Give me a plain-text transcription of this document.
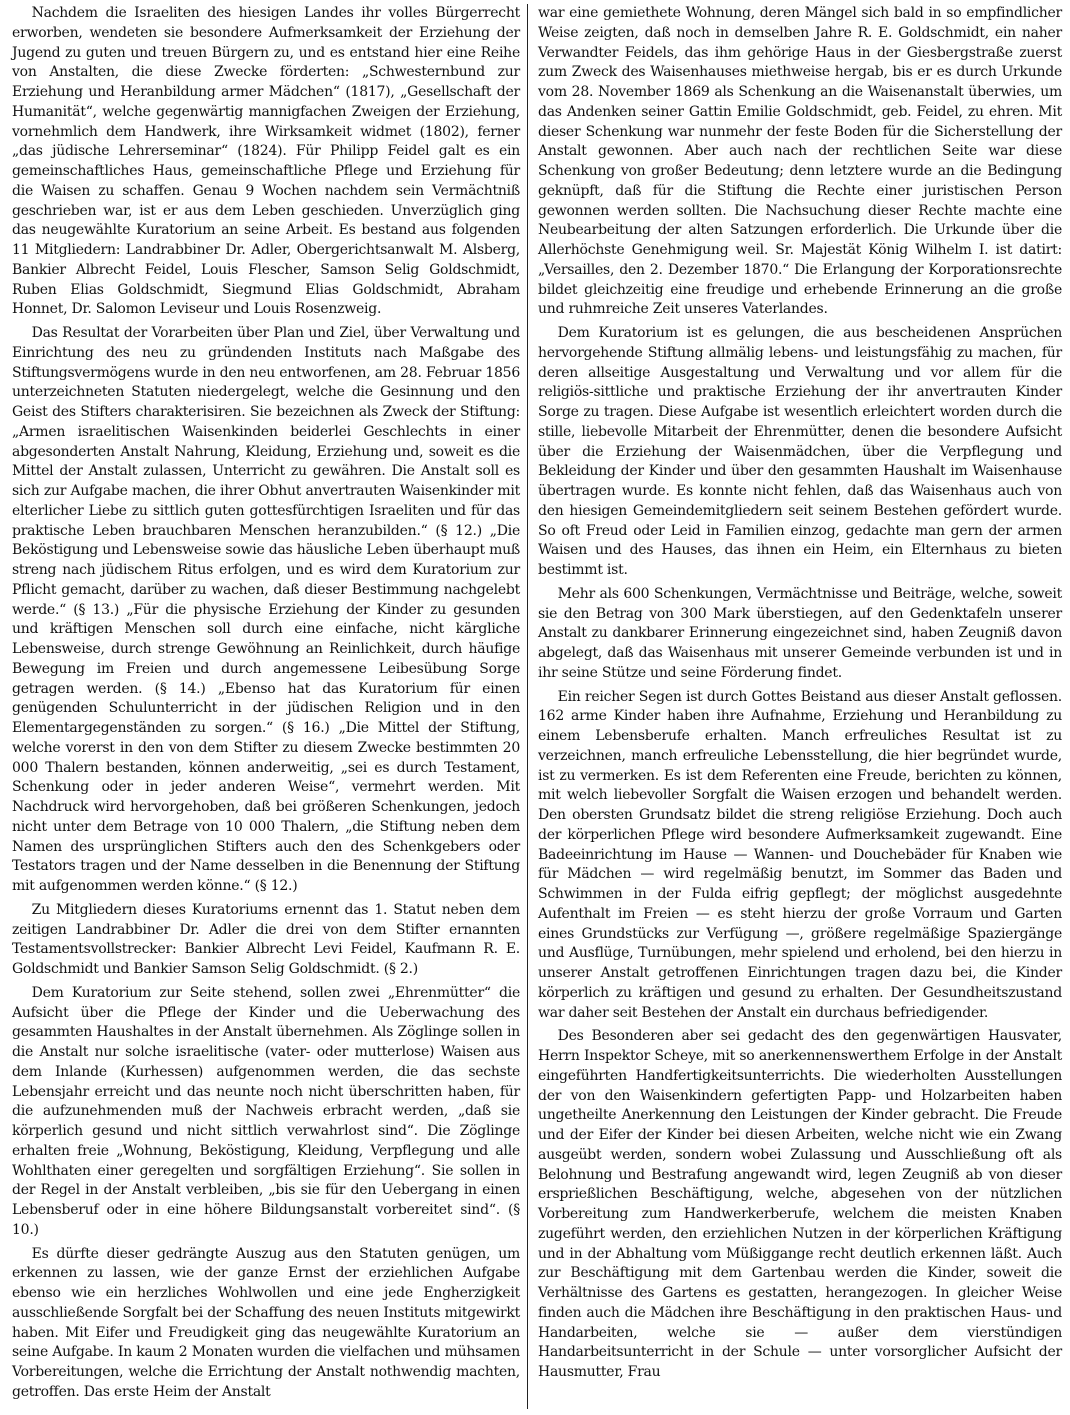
Nachdem die Israeliten des hiesigen Landes ihr volles Bürgerrecht erworben, wendeten sie besondere Aufmerksamkeit der Erziehung der Jugend zu guten und treuen Bürgern zu, und es entstand hier eine Reihe von Anstalten, die diese Zwecke förderten: „Schwesternbund zur Erziehung und Heranbildung armer Mädchen“ (1817), „Gesellschaft der Humanität“, welche gegenwärtig mannigfachen Zweigen der Erziehung, vornehmlich dem Handwerk, ihre Wirksamkeit widmet (1802), ferner „das jüdische Lehrerseminar“ (1824). Für Philipp Feidel galt es ein gemeinschaftliches Haus, gemeinschaftliche Pflege und Erziehung für die Waisen zu schaffen. Genau 9 Wochen nachdem sein Vermächtniß geschrieben war, ist er aus dem Leben geschieden. Unverzüglich ging das neugewählte Kuratorium an seine Arbeit. Es bestand aus folgenden 11 Mitgliedern: Landrabbiner Dr. Adler, Obergerichtsanwalt M. Alsberg, Bankier Albrecht Feidel, Louis Flescher, Samson Selig Goldschmidt, Ruben Elias Goldschmidt, Siegmund Elias Goldschmidt, Abraham Honnet, Dr. Salomon Leviseur und Louis Rosenzweig.

Das Resultat der Vorarbeiten über Plan und Ziel, über Verwaltung und Einrichtung des neu zu gründenden Instituts nach Maßgabe des Stiftungsvermögens wurde in den neu entworfenen, am 28. Februar 1856 unterzeichneten Statuten niedergelegt, welche die Gesinnung und den Geist des Stifters charakterisiren. Sie bezeichnen als Zweck der Stiftung: „Armen israelitischen Waisenkinden beiderlei Geschlechts in einer abgesonderten Anstalt Nahrung, Kleidung, Erziehung und, soweit es die Mittel der Anstalt zulassen, Unterricht zu gewähren. Die Anstalt soll es sich zur Aufgabe machen, die ihrer Obhut anvertrauten Waisenkinder mit elterlicher Liebe zu sittlich guten gottesfürchtigen Israeliten und für das praktische Leben brauchbaren Menschen heranzubilden.“ (§ 12.) „Die Beköstigung und Lebensweise sowie das häusliche Leben überhaupt muß streng nach jüdischem Ritus erfolgen, und es wird dem Kuratorium zur Pflicht gemacht, darüber zu wachen, daß dieser Bestimmung nachgelebt werde.“ (§ 13.) „Für die physische Erziehung der Kinder zu gesunden und kräftigen Menschen soll durch eine einfache, nicht kärgliche Lebensweise, durch strenge Gewöhnung an Reinlichkeit, durch häufige Bewegung im Freien und durch angemessene Leibesübung Sorge getragen werden. (§ 14.) „Ebenso hat das Kuratorium für einen genügenden Schulunterricht in der jüdischen Religion und in den Elementargegenständen zu sorgen.“ (§ 16.) „Die Mittel der Stiftung, welche vorerst in den von dem Stifter zu diesem Zwecke bestimmten 20 000 Thalern bestanden, können anderweitig, „sei es durch Testament, Schenkung oder in jeder anderen Weise“, vermehrt werden. Mit Nachdruck wird hervorgehoben, daß bei größeren Schenkungen, jedoch nicht unter dem Betrage von 10 000 Thalern, „die Stiftung neben dem Namen des ursprünglichen Stifters auch den des Schenkgebers oder Testators tragen und der Name desselben in die Benennung der Stiftung mit aufgenommen werden könne.“ (§ 12.)

Zu Mitgliedern dieses Kuratoriums ernennt das 1. Statut neben dem zeitigen Landrabbiner Dr. Adler die drei von dem Stifter ernannten Testamentsvollstrecker: Bankier Albrecht Levi Feidel, Kaufmann R. E. Goldschmidt und Bankier Samson Selig Goldschmidt. (§ 2.)

Dem Kuratorium zur Seite stehend, sollen zwei „Ehrenmütter“ die Aufsicht über die Pflege der Kinder und die Ueberwachung des gesammten Haushaltes in der Anstalt übernehmen. Als Zöglinge sollen in die Anstalt nur solche israelitische (vater- oder mutterlose) Waisen aus dem Inlande (Kurhessen) aufgenommen werden, die das sechste Lebensjahr erreicht und das neunte noch nicht überschritten haben, für die aufzunehmenden muß der Nachweis erbracht werden, „daß sie körperlich gesund und nicht sittlich verwahrlost sind“. Die Zöglinge erhalten freie „Wohnung, Beköstigung, Kleidung, Verpflegung und alle Wohlthaten einer geregelten und sorgfältigen Erziehung“. Sie sollen in der Regel in der Anstalt verbleiben, „bis sie für den Uebergang in einen Lebensberuf oder in eine höhere Bildungsanstalt vorbereitet sind“. (§ 10.)

Es dürfte dieser gedrängte Auszug aus den Statuten genügen, um erkennen zu lassen, wie der ganze Ernst der erziehlichen Aufgabe ebenso wie ein herzliches Wohlwollen und eine jede Engherzigkeit ausschließende Sorgfalt bei der Schaffung des neuen Instituts mitgewirkt haben. Mit Eifer und Freudigkeit ging das neugewählte Kuratorium an seine Aufgabe. In kaum 2 Monaten wurden die vielfachen und mühsamen Vorbereitungen, welche die Errichtung der Anstalt nothwendig machten, getroffen. Das erste Heim der Anstalt

war eine gemiethete Wohnung, deren Mängel sich bald in so empfindlicher Weise zeigten, daß noch in demselben Jahre R. E. Goldschmidt, ein naher Verwandter Feidels, das ihm gehörige Haus in der Giesbergstraße zuerst zum Zweck des Waisenhauses miethweise hergab, bis er es durch Urkunde vom 28. November 1869 als Schenkung an die Waisenanstalt überwies, um das Andenken seiner Gattin Emilie Goldschmidt, geb. Feidel, zu ehren. Mit dieser Schenkung war nunmehr der feste Boden für die Sicherstellung der Anstalt gewonnen. Aber auch nach der rechtlichen Seite war diese Schenkung von großer Bedeutung; denn letztere wurde an die Bedingung geknüpft, daß für die Stiftung die Rechte einer juristischen Person gewonnen werden sollten. Die Nachsuchung dieser Rechte machte eine Neubearbeitung der alten Satzungen erforderlich. Die Urkunde über die Allerhöchste Genehmigung weil. Sr. Majestät König Wilhelm I. ist datirt: „Versailles, den 2. Dezember 1870.“ Die Erlangung der Korporationsrechte bildet gleichzeitig eine freudige und erhebende Erinnerung an die große und ruhmreiche Zeit unseres Vaterlandes.

Dem Kuratorium ist es gelungen, die aus bescheidenen Ansprüchen hervorgehende Stiftung allmälig lebens- und leistungsfähig zu machen, für deren allseitige Ausgestaltung und Verwaltung und vor allem für die religiös-sittliche und praktische Erziehung der ihr anvertrauten Kinder Sorge zu tragen. Diese Aufgabe ist wesentlich erleichtert worden durch die stille, liebevolle Mitarbeit der Ehrenmütter, denen die besondere Aufsicht über die Erziehung der Waisenmädchen, über die Verpflegung und Bekleidung der Kinder und über den gesammten Haushalt im Waisenhause übertragen wurde. Es konnte nicht fehlen, daß das Waisenhaus auch von den hiesigen Gemeindemitgliedern seit seinem Bestehen gefördert wurde. So oft Freud oder Leid in Familien einzog, gedachte man gern der armen Waisen und des Hauses, das ihnen ein Heim, ein Elternhaus zu bieten bestimmt ist.

Mehr als 600 Schenkungen, Vermächtnisse und Beiträge, welche, soweit sie den Betrag von 300 Mark überstiegen, auf den Gedenktafeln unserer Anstalt zu dankbarer Erinnerung eingezeichnet sind, haben Zeugniß davon abgelegt, daß das Waisenhaus mit unserer Gemeinde verbunden ist und in ihr seine Stütze und seine Förderung findet.

Ein reicher Segen ist durch Gottes Beistand aus dieser Anstalt geflossen. 162 arme Kinder haben ihre Aufnahme, Erziehung und Heranbildung zu einem Lebensberufe erhalten. Manch erfreuliches Resultat ist zu verzeichnen, manch erfreuliche Lebensstellung, die hier begründet wurde, ist zu vermerken. Es ist dem Referenten eine Freude, berichten zu können, mit welch liebevoller Sorgfalt die Waisen erzogen und behandelt werden. Den obersten Grundsatz bildet die streng religiöse Erziehung. Doch auch der körperlichen Pflege wird besondere Aufmerksamkeit zugewandt. Eine Badeeinrichtung im Hause — Wannen- und Douchebäder für Knaben wie für Mädchen — wird regelmäßig benutzt, im Sommer das Baden und Schwimmen in der Fulda eifrig gepflegt; der möglichst ausgedehnte Aufenthalt im Freien — es steht hierzu der große Vorraum und Garten eines Grundstücks zur Verfügung —, größere regelmäßige Spaziergänge und Ausflüge, Turnübungen, mehr spielend und erholend, bei den hierzu in unserer Anstalt getroffenen Einrichtungen tragen dazu bei, die Kinder körperlich zu kräftigen und gesund zu erhalten. Der Gesundheitszustand war daher seit Bestehen der Anstalt ein durchaus befriedigender.

Des Besonderen aber sei gedacht des den gegenwärtigen Hausvater, Herrn Inspektor Scheye, mit so anerkennenswerthem Erfolge in der Anstalt eingeführten Handfertigkeitsunterrichts. Die wiederholten Ausstellungen der von den Waisenkindern gefertigten Papp- und Holzarbeiten haben ungetheilte Anerkennung den Leistungen der Kinder gebracht. Die Freude und der Eifer der Kinder bei diesen Arbeiten, welche nicht wie ein Zwang ausgeübt werden, sondern wobei Zulassung und Ausschließung oft als Belohnung und Bestrafung angewandt wird, legen Zeugniß ab von dieser ersprießlichen Beschäftigung, welche, abgesehen von der nützlichen Vorbereitung zum Handwerkerberufe, welchem die meisten Knaben zugeführt werden, den erziehlichen Nutzen in der körperlichen Kräftigung und in der Abhaltung vom Müßiggange recht deutlich erkennen läßt. Auch zur Beschäftigung mit dem Gartenbau werden die Kinder, soweit die Verhältnisse des Gartens es gestatten, herangezogen. In gleicher Weise finden auch die Mädchen ihre Beschäftigung in den praktischen Haus- und Handarbeiten, welche sie — außer dem vierstündigen Handarbeitsunterricht in der Schule — unter vorsorglicher Aufsicht der Hausmutter, Frau
